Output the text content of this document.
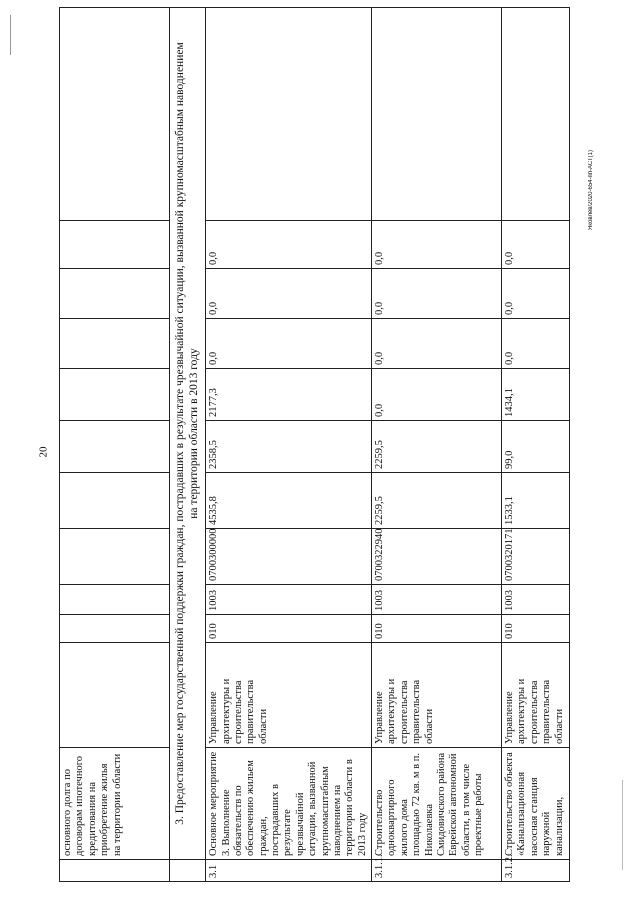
20
Яковлев/2020-654-пп-АСТ(1)
	основного долга по договорам ипотечного кредитования на приобретение жилья на территории области											
	3. Предоставление мер государственной поддержки граждан, пострадавших в результате чрезвычайной ситуации, вызванной крупномасштабным наводнением на территории области в 2013 году											
3.1	Основное мероприятие 3. Выполнение обязательств по обеспечению жильем граждан, пострадавших в результате чрезвычайной ситуации, вызванной крупномасштабным наводнением на территории области в 2013 году	Управление архитектуры и строительства правительства области	010	1003	0700300000	4535,8	2358,5	2177,3	0,0	0,0	0,0	
3.1.1.	Строительство одноквартирного жилого дома площадью 72 кв. м в п. Николаевка Смидовичского района Еврейской автономной области, в том числе проектные работы	Управление архитектуры и строительства правительства области	010	1003	0700322940	2259,5	2259,5	0,0	0,0	0,0	0,0	
3.1.2.	Строительство объекта «Канализационная насосная станция наружной канализации,	Управление архитектуры и строительства правительства области	010	1003	0700320171	1533,1	99,0	1434,1	0,0	0,0	0,0	
